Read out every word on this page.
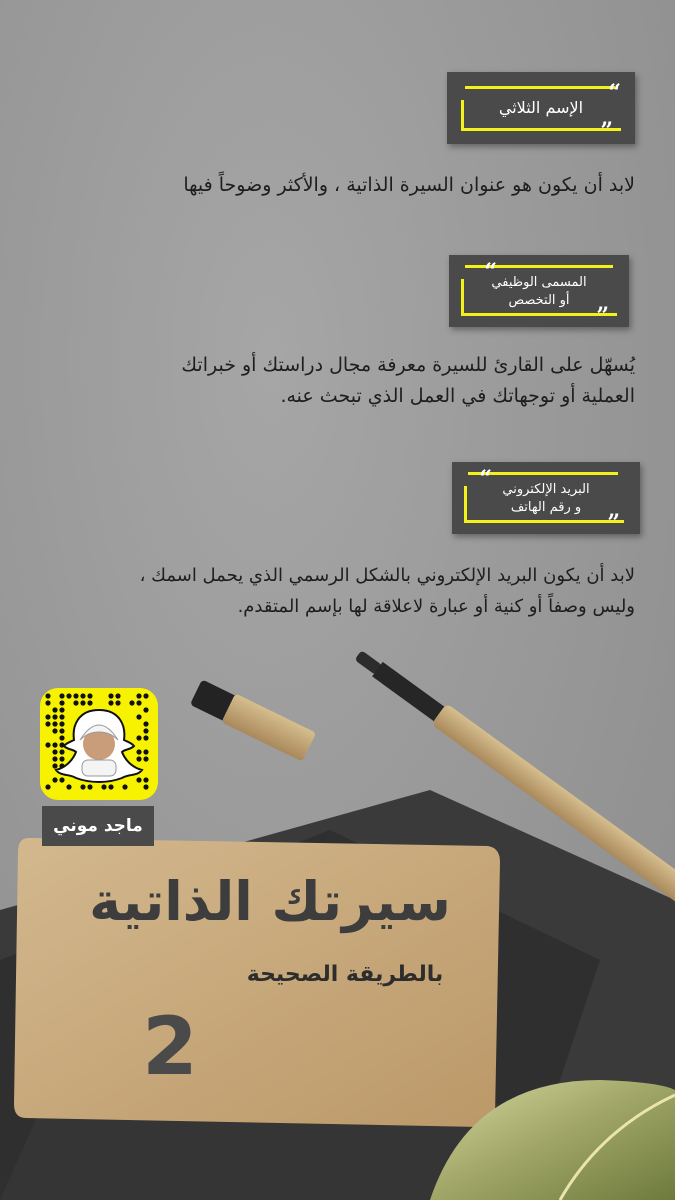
“
”
الإسم الثلاثي
لابد أن يكون هو عنوان السيرة الذاتية ، والأكثر وضوحاً فيها
“
”
المسمى الوظيفي
أو التخصص
يُسهّل على القارئ للسيرة معرفة مجال دراستك أو خبراتك
العملية أو توجهاتك في العمل الذي تبحث عنه.
“
”
البريد الإلكتروني
و رقم الهاتف
لابد أن يكون البريد الإلكتروني بالشكل الرسمي الذي يحمل اسمك ،
وليس وصفاً أو كنية أو عبارة لاعلاقة لها بإسم المتقدم.
ماجد موني
سيرتك الذاتية
بالطريقة الصحيحة
2
